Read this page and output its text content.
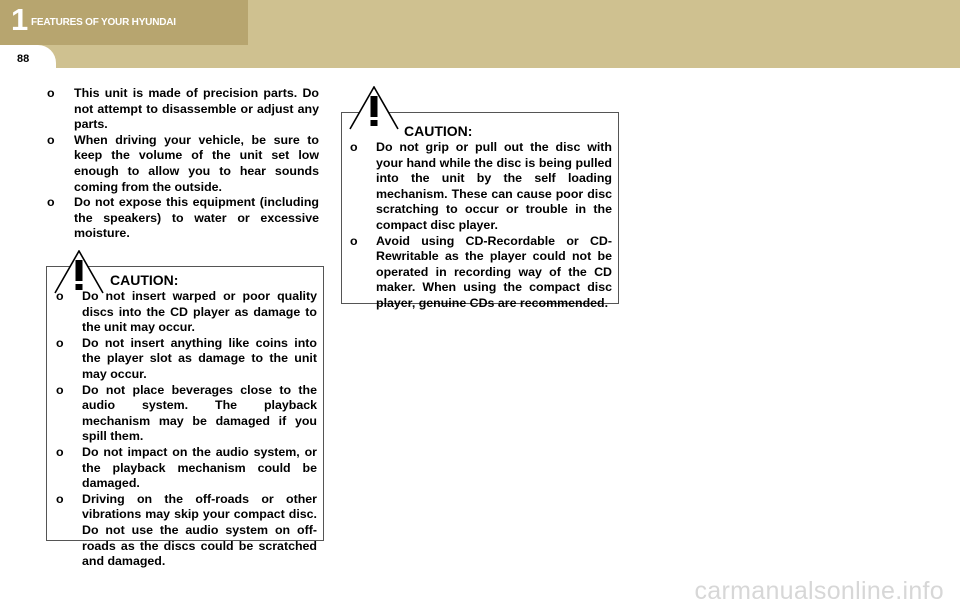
1 FEATURES OF YOUR HYUNDAI
88
o This unit is made of precision parts. Do not attempt to disassemble or adjust any parts.
o When driving your vehicle, be sure to keep the volume of the unit set low enough to allow you to hear sounds coming from the outside.
o Do not expose this equipment (including the speakers) to water or excessive moisture.
CAUTION:
o Do not insert warped or poor quality discs into the CD player as damage to the unit may occur.
o Do not insert anything like coins into the player slot as damage to the unit may occur.
o Do not place beverages close to the audio system. The playback mechanism may be damaged if you spill them.
o Do not impact on the audio system, or the playback mechanism could be damaged.
o Driving on the off-roads or other vibrations may skip your compact disc. Do not use the audio system on off-roads as the discs could be scratched and damaged.
CAUTION:
o Do not grip or pull out the disc with your hand while the disc is being pulled into the unit by the self loading mechanism. These can cause poor disc scratching to occur or trouble in the compact disc player.
o Avoid using CD-Recordable or CD-Rewritable as the player could not be operated in recording way of the CD maker. When using the compact disc player, genuine CDs are recommended.
carmanualsonline.info
